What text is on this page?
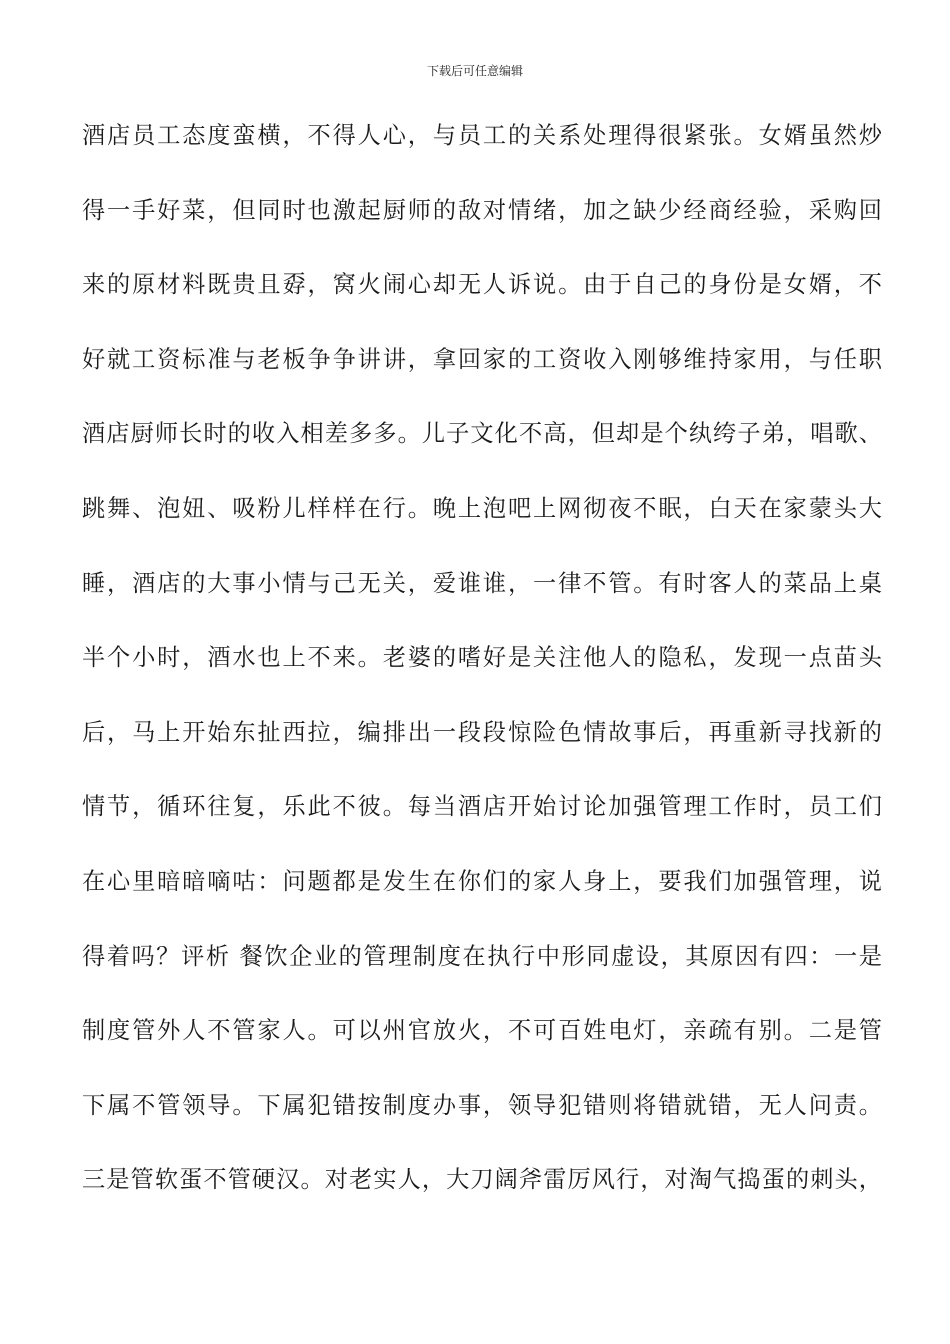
下载后可任意编辑
酒店员工态度蛮横，不得人心，与员工的关系处理得很紧张。女婿虽然炒
得一手好菜，但同时也激起厨师的敌对情绪，加之缺少经商经验，采购回
来的原材料既贵且孬，窝火闹心却无人诉说。由于自己的身份是女婿，不
好就工资标准与老板争争讲讲，拿回家的工资收入刚够维持家用，与任职
酒店厨师长时的收入相差多多。儿子文化不高，但却是个纨绔子弟，唱歌、
跳舞、泡妞、吸粉儿样样在行。晚上泡吧上网彻夜不眠，白天在家蒙头大
睡，酒店的大事小情与己无关，爱谁谁，一律不管。有时客人的菜品上桌
半个小时，酒水也上不来。老婆的嗜好是关注他人的隐私，发现一点苗头
后，马上开始东扯西拉，编排出一段段惊险色情故事后，再重新寻找新的
情节，循环往复，乐此不彼。每当酒店开始讨论加强管理工作时，员工们
在心里暗暗嘀咕：问题都是发生在你们的家人身上，要我们加强管理，说
得着吗？评析 餐饮企业的管理制度在执行中形同虚设，其原因有四：一是
制度管外人不管家人。可以州官放火，不可百姓电灯，亲疏有别。二是管
下属不管领导。下属犯错按制度办事，领导犯错则将错就错，无人问责。
三是管软蛋不管硬汉。对老实人，大刀阔斧雷厉风行，对淘气捣蛋的刺头，
